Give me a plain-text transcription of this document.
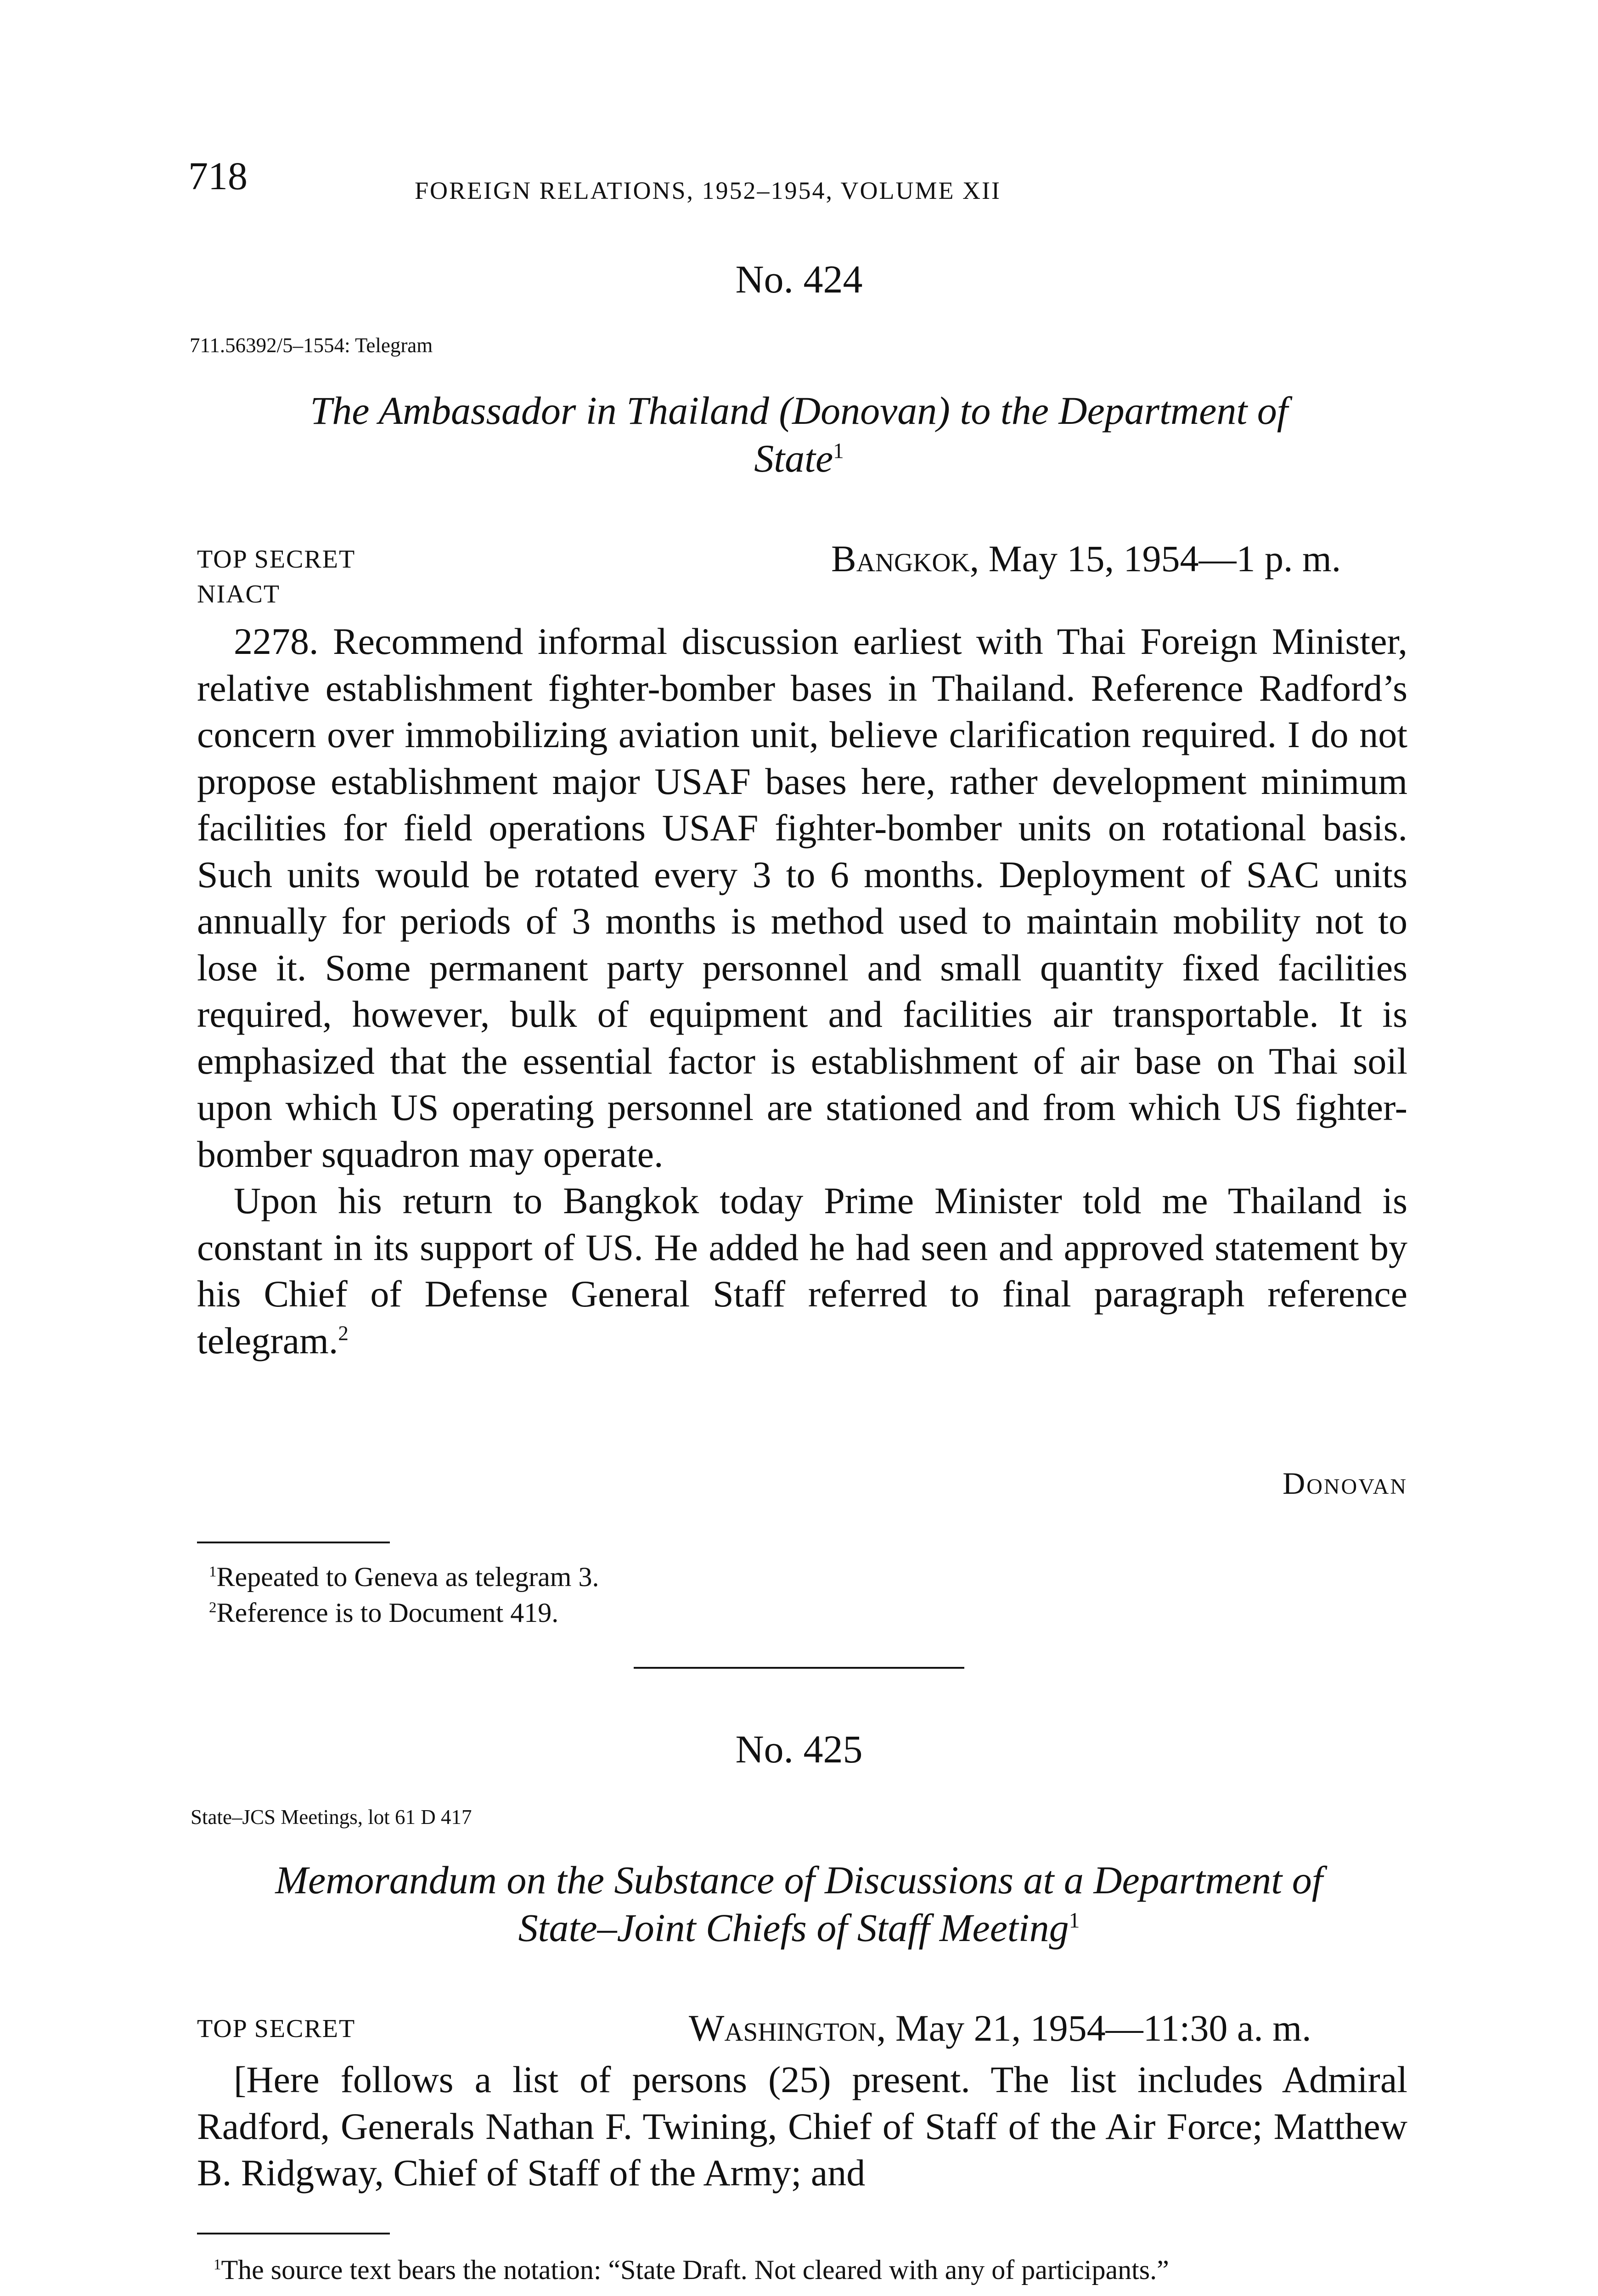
718	FOREIGN RELATIONS, 1952–1954, VOLUME XII
No. 424
711.56392/5–1554: Telegram
The Ambassador in Thailand (Donovan) to the Department of
State$^1$
TOP SECRET
NIACT
Bangkok, May 15, 1954—1 p. m.

2278. Recommend informal discussion earliest with Thai Foreign Minister, relative establishment fighter-bomber bases in Thailand. Reference Radford’s concern over immobilizing aviation unit, believe clarification required. I do not propose establishment major USAF bases here, rather development minimum facilities for field operations USAF fighter-bomber units on rotational basis. Such units would be rotated every 3 to 6 months. Deployment of SAC units annually for periods of 3 months is method used to maintain mobility not to lose it. Some permanent party personnel and small quantity fixed facilities required, however, bulk of equipment and facilities air transportable. It is emphasized that the essential factor is establishment of air base on Thai soil upon which US operating personnel are stationed and from which US fighter-bomber squadron may operate.

Upon his return to Bangkok today Prime Minister told me Thailand is constant in its support of US. He added he had seen and approved statement by his Chief of Defense General Staff referred to final paragraph reference telegram.$^2$

Donovan
$^1$Repeated to Geneva as telegram 3.
$^2$Reference is to Document 419.
No. 425
State–JCS Meetings, lot 61 D 417
Memorandum on the Substance of Discussions at a Department of
State–Joint Chiefs of Staff Meeting$^1$
TOP SECRET	Washington, May 21, 1954—11:30 a. m.

[Here follows a list of persons (25) present. The list includes Admiral Radford, Generals Nathan F. Twining, Chief of Staff of the Air Force; Matthew B. Ridgway, Chief of Staff of the Army; and

$^1$The source text bears the notation: “State Draft. Not cleared with any of participants.”
